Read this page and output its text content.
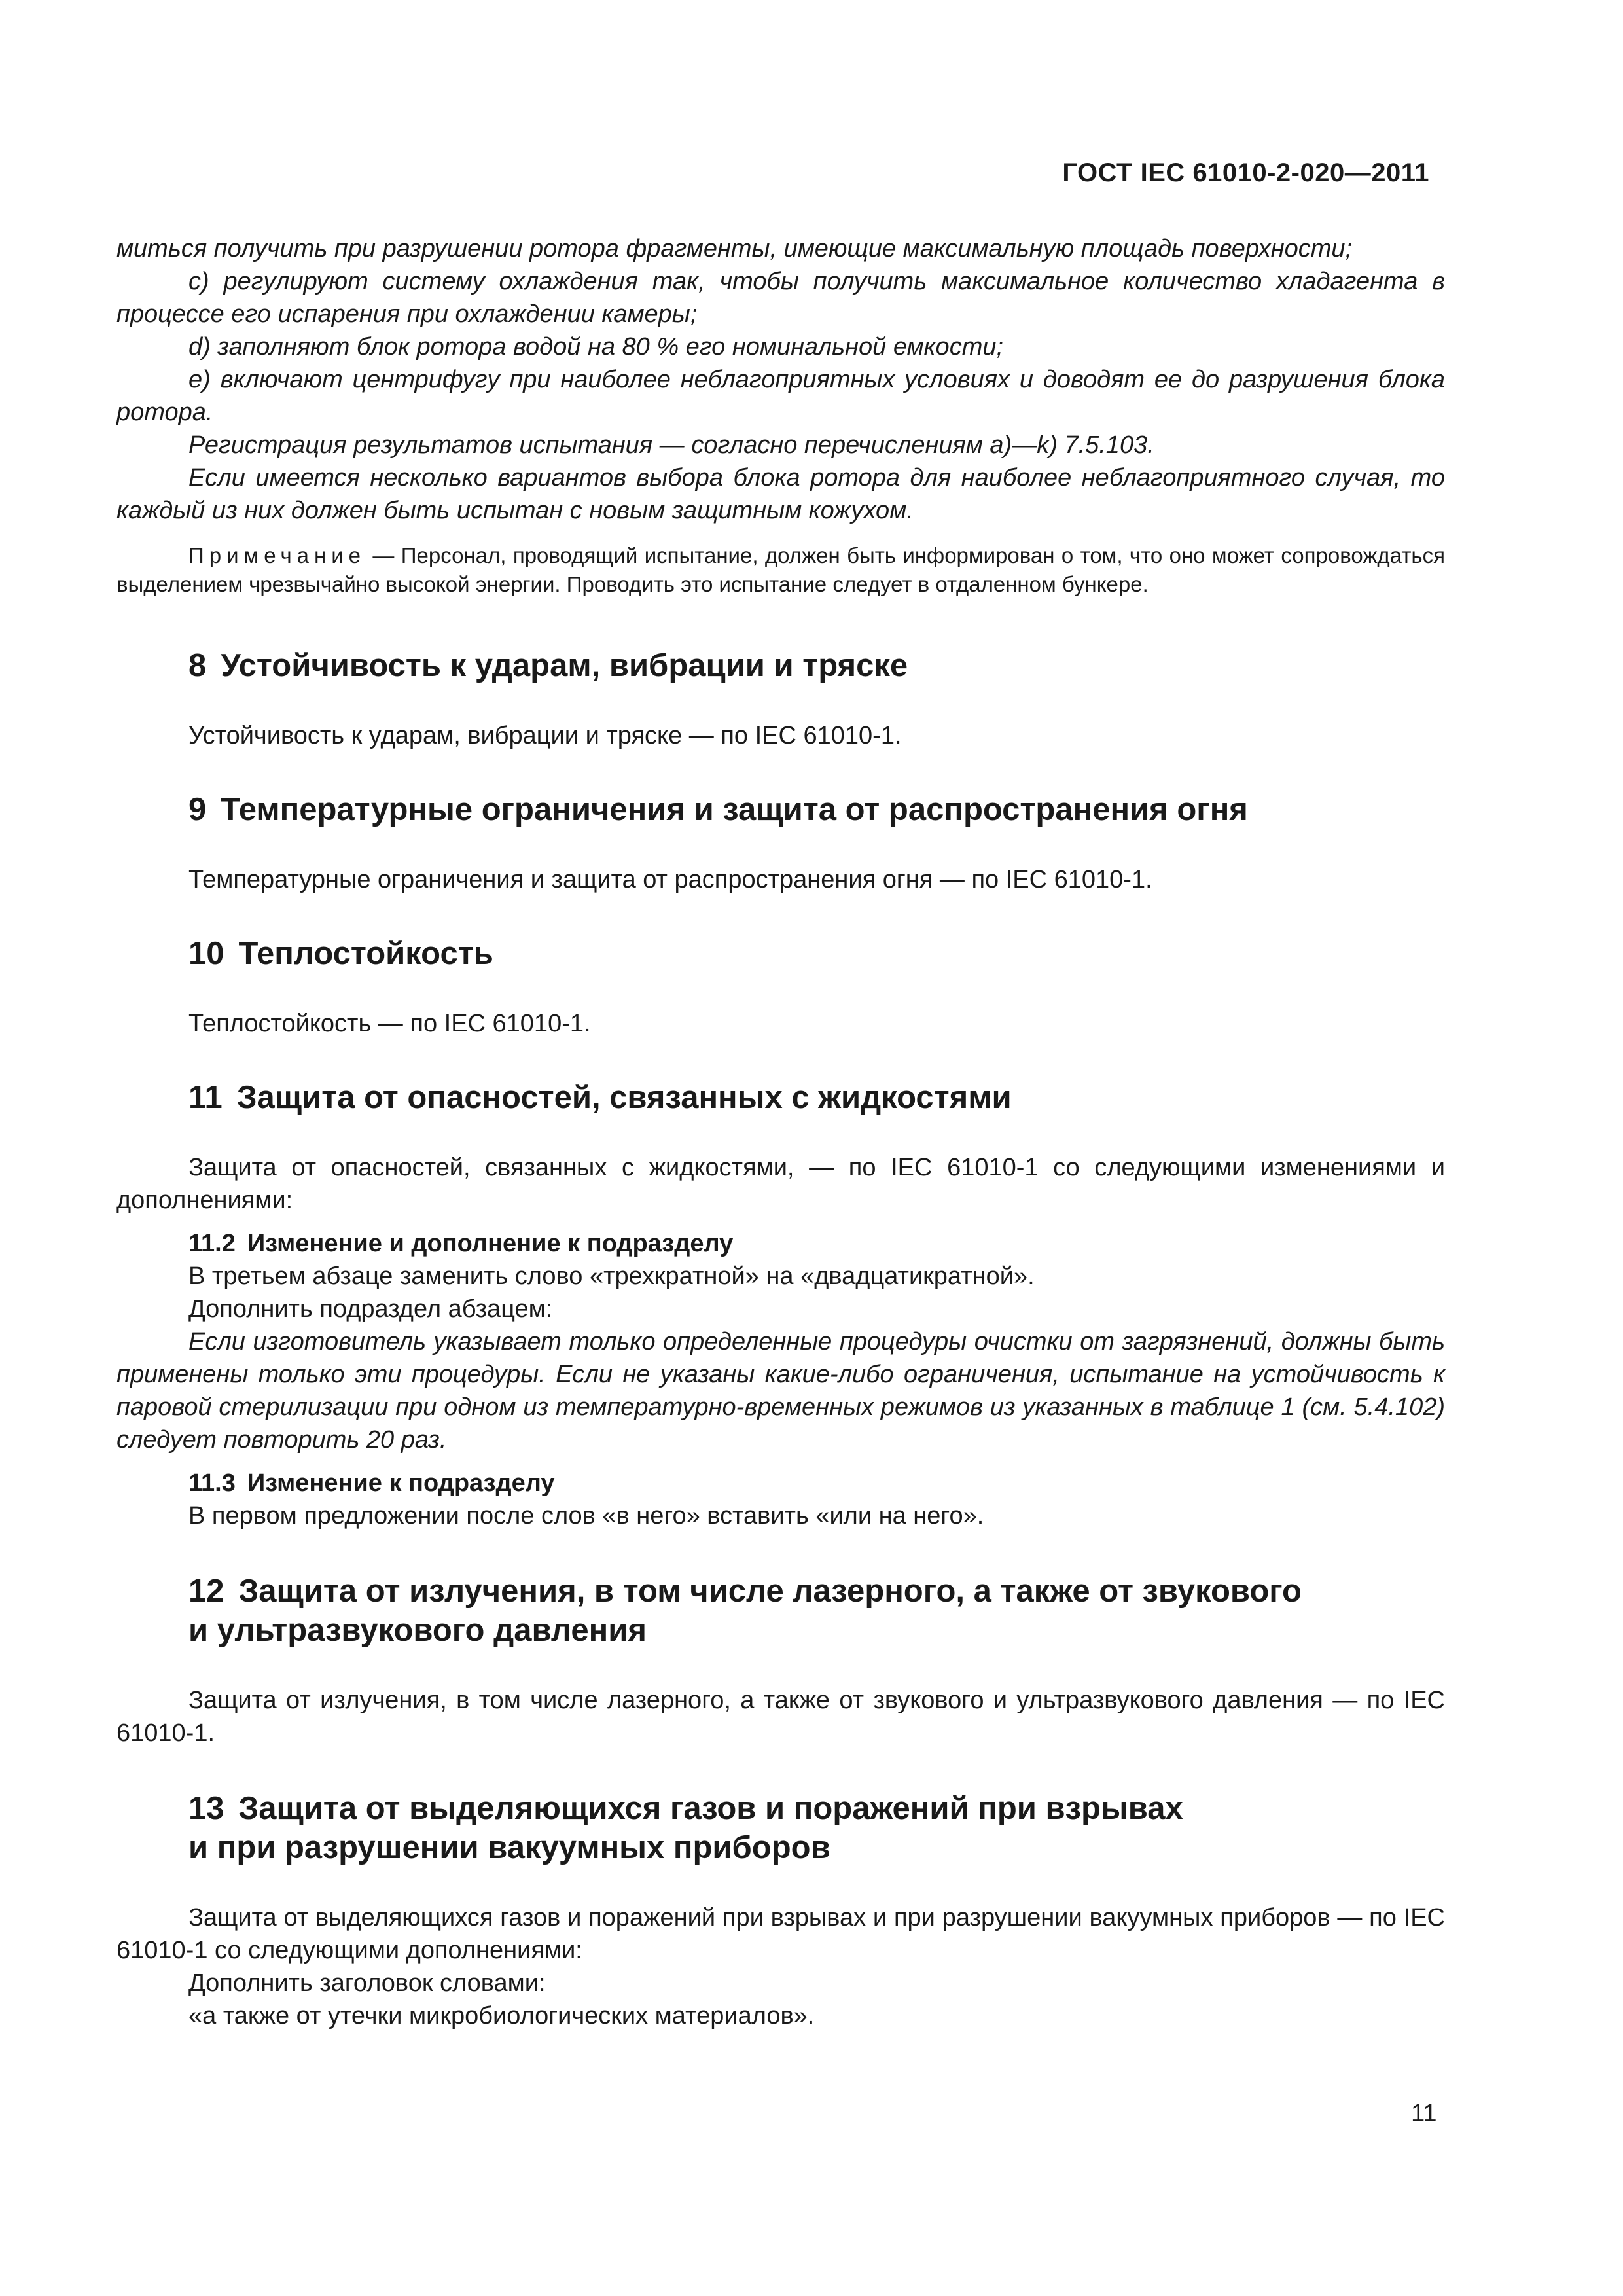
ГОСТ IEC 61010-2-020—2011

миться получить при разрушении ротора фрагменты, имеющие максимальную площадь поверхности;

c) регулируют систему охлаждения так, чтобы получить максимальное количество хладагента в процессе его испарения при охлаждении камеры;

d) заполняют блок ротора водой на 80 % его номинальной емкости;

e) включают центрифугу при наиболее неблагоприятных условиях и доводят ее до разрушения блока ротора.

Регистрация результатов испытания — согласно перечислениям а)—k) 7.5.103.

Если имеется несколько вариантов выбора блока ротора для наиболее неблагоприятного случая, то каждый из них должен быть испытан с новым защитным кожухом.

Примечание — Персонал, проводящий испытание, должен быть информирован о том, что оно может сопровождаться выделением чрезвычайно высокой энергии. Проводить это испытание следует в отдаленном бункере.

8 Устойчивость к ударам, вибрации и тряске

Устойчивость к ударам, вибрации и тряске — по IEC 61010-1.

9 Температурные ограничения и защита от распространения огня

Температурные ограничения и защита от распространения огня — по IEC 61010-1.

10 Теплостойкость

Теплостойкость — по IEC 61010-1.

11 Защита от опасностей, связанных с жидкостями

Защита от опасностей, связанных с жидкостями, — по IEC 61010-1 со следующими изменениями и дополнениями:

11.2 Изменение и дополнение к подразделу

В третьем абзаце заменить слово «трехкратной» на «двадцатикратной».

Дополнить подраздел абзацем:

Если изготовитель указывает только определенные процедуры очистки от загрязнений, должны быть применены только эти процедуры. Если не указаны какие-либо ограничения, испытание на устойчивость к паровой стерилизации при одном из температурно-временных режимов из указанных в таблице 1 (см. 5.4.102) следует повторить 20 раз.

11.3 Изменение к подразделу

В первом предложении после слов «в него» вставить «или на него».

12 Защита от излучения, в том числе лазерного, а также от звукового
и ультразвукового давления

Защита от излучения, в том числе лазерного, а также от звукового и ультразвукового давления — по IEC 61010-1.

13 Защита от выделяющихся газов и поражений при взрывах
и при разрушении вакуумных приборов

Защита от выделяющихся газов и поражений при взрывах и при разрушении вакуумных приборов — по IEC 61010-1 со следующими дополнениями:

Дополнить заголовок словами:

«а также от утечки микробиологических материалов».

11
